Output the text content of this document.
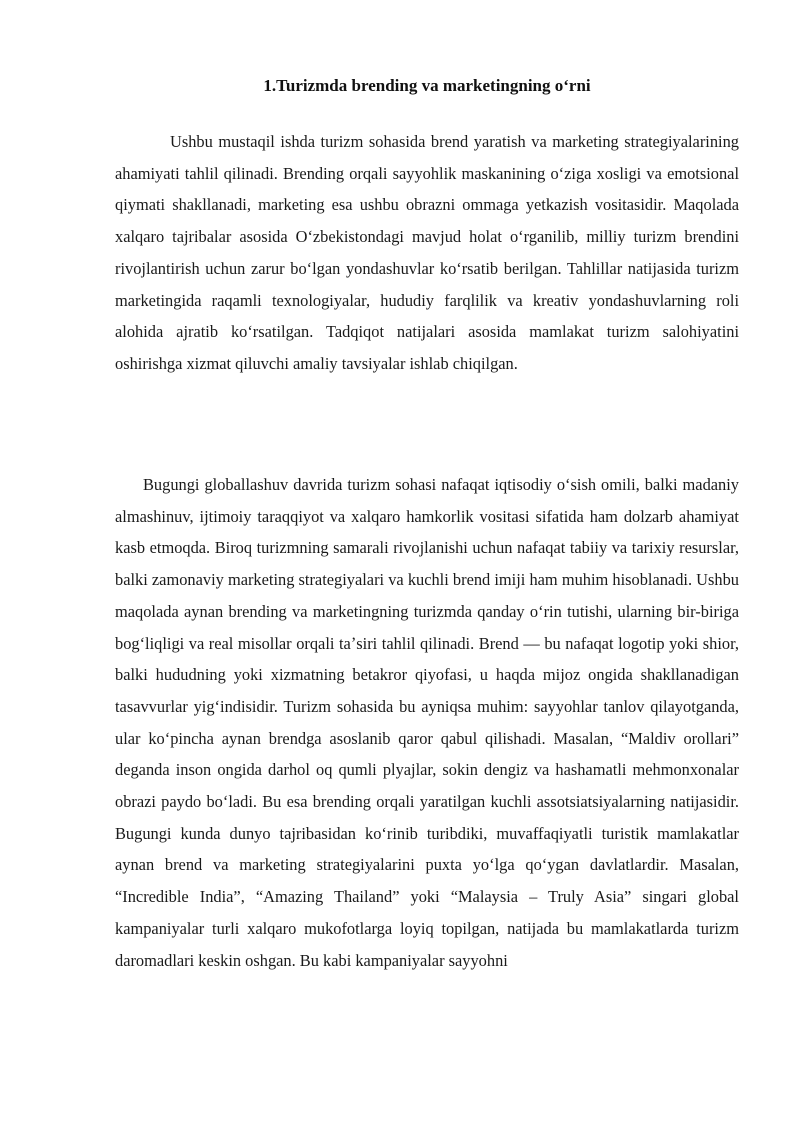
1.Turizmda brending va marketingning oʻrni

Ushbu mustaqil ishda turizm sohasida brend yaratish va marketing strategiyalarining ahamiyati tahlil qilinadi. Brending orqali sayyohlik maskanining oʻziga xosligi va emotsional qiymati shakllanadi, marketing esa ushbu obrazni ommaga yetkazish vositasidir. Maqolada xalqaro tajribalar asosida Oʻzbekistondagi mavjud holat oʻrganilib, milliy turizm brendini rivojlantirish uchun zarur boʻlgan yondashuvlar koʻrsatib berilgan. Tahlillar natijasida turizm marketingida raqamli texnologiyalar, hududiy farqlilik va kreativ yondashuvlarning roli alohida ajratib koʻrsatilgan. Tadqiqot natijalari asosida mamlakat turizm salohiyatini oshirishga xizmat qiluvchi amaliy tavsiyalar ishlab chiqilgan.

Bugungi globallashuv davrida turizm sohasi nafaqat iqtisodiy oʻsish omili, balki madaniy almashinuv, ijtimoiy taraqqiyot va xalqaro hamkorlik vositasi sifatida ham dolzarb ahamiyat kasb etmoqda. Biroq turizmning samarali rivojlanishi uchun nafaqat tabiiy va tarixiy resurslar, balki zamonaviy marketing strategiyalari va kuchli brend imiji ham muhim hisoblanadi. Ushbu maqolada aynan brending va marketingning turizmda qanday oʻrin tutishi, ularning bir-biriga bogʻliqligi va real misollar orqali taʼsiri tahlil qilinadi. Brend — bu nafaqat logotip yoki shior, balki hududning yoki xizmatning betakror qiyofasi, u haqda mijoz ongida shakllanadigan tasavvurlar yigʻindisidir. Turizm sohasida bu ayniqsa muhim: sayyohlar tanlov qilayotganda, ular koʻpincha aynan brendga asoslanib qaror qabul qilishadi. Masalan, “Maldiv orollari” deganda inson ongida darhol oq qumli plyajlar, sokin dengiz va hashamatli mehmonxonalar obrazi paydo boʻladi. Bu esa brending orqali yaratilgan kuchli assotsiatsiyalarning natijasidir. Bugungi kunda dunyo tajribasidan koʻrinib turibdiki, muvaffaqiyatli turistik mamlakatlar aynan brend va marketing strategiyalarini puxta yoʻlga qoʻygan davlatlardir. Masalan, “Incredible India”, “Amazing Thailand” yoki “Malaysia – Truly Asia” singari global kampaniyalar turli xalqaro mukofotlarga loyiq topilgan, natijada bu mamlakatlarda turizm daromadlari keskin oshgan. Bu kabi kampaniyalar sayyohni
